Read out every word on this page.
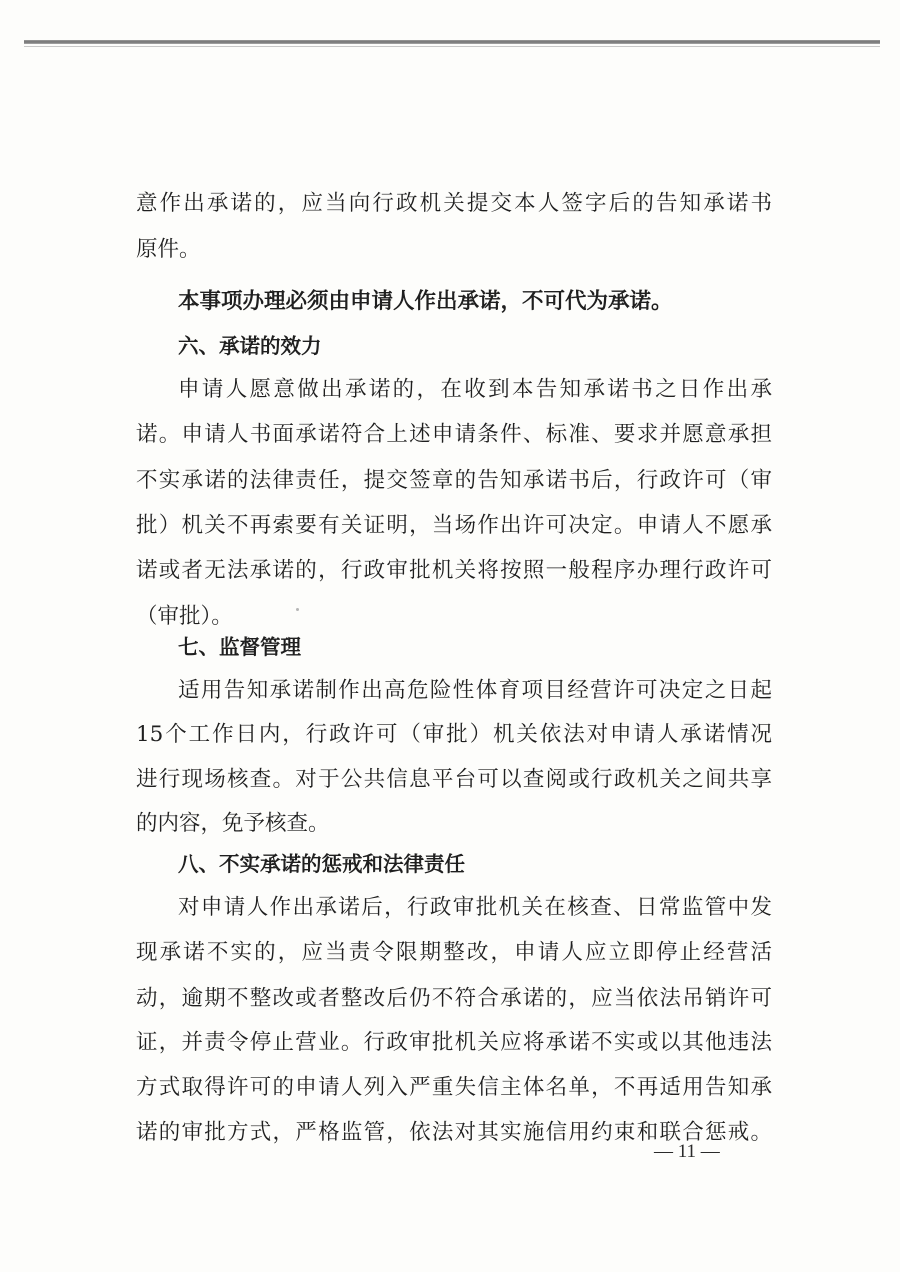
意作出承诺的，应当向行政机关提交本人签字后的告知承诺书
原件。
本事项办理必须由申请人作出承诺，不可代为承诺。
六、承诺的效力
申请人愿意做出承诺的，在收到本告知承诺书之日作出承
诺。申请人书面承诺符合上述申请条件、标准、要求并愿意承担
不实承诺的法律责任，提交签章的告知承诺书后，行政许可（审
批）机关不再索要有关证明，当场作出许可决定。申请人不愿承
诺或者无法承诺的，行政审批机关将按照一般程序办理行政许可
（审批）。
七、监督管理
适用告知承诺制作出高危险性体育项目经营许可决定之日起
15个工作日内，行政许可（审批）机关依法对申请人承诺情况
进行现场核查。对于公共信息平台可以查阅或行政机关之间共享
的内容，免予核查。
八、不实承诺的惩戒和法律责任
对申请人作出承诺后，行政审批机关在核查、日常监管中发
现承诺不实的，应当责令限期整改，申请人应立即停止经营活
动，逾期不整改或者整改后仍不符合承诺的，应当依法吊销许可
证，并责令停止营业。行政审批机关应将承诺不实或以其他违法
方式取得许可的申请人列入严重失信主体名单，不再适用告知承
诺的审批方式，严格监管，依法对其实施信用约束和联合惩戒。
— 11 —
